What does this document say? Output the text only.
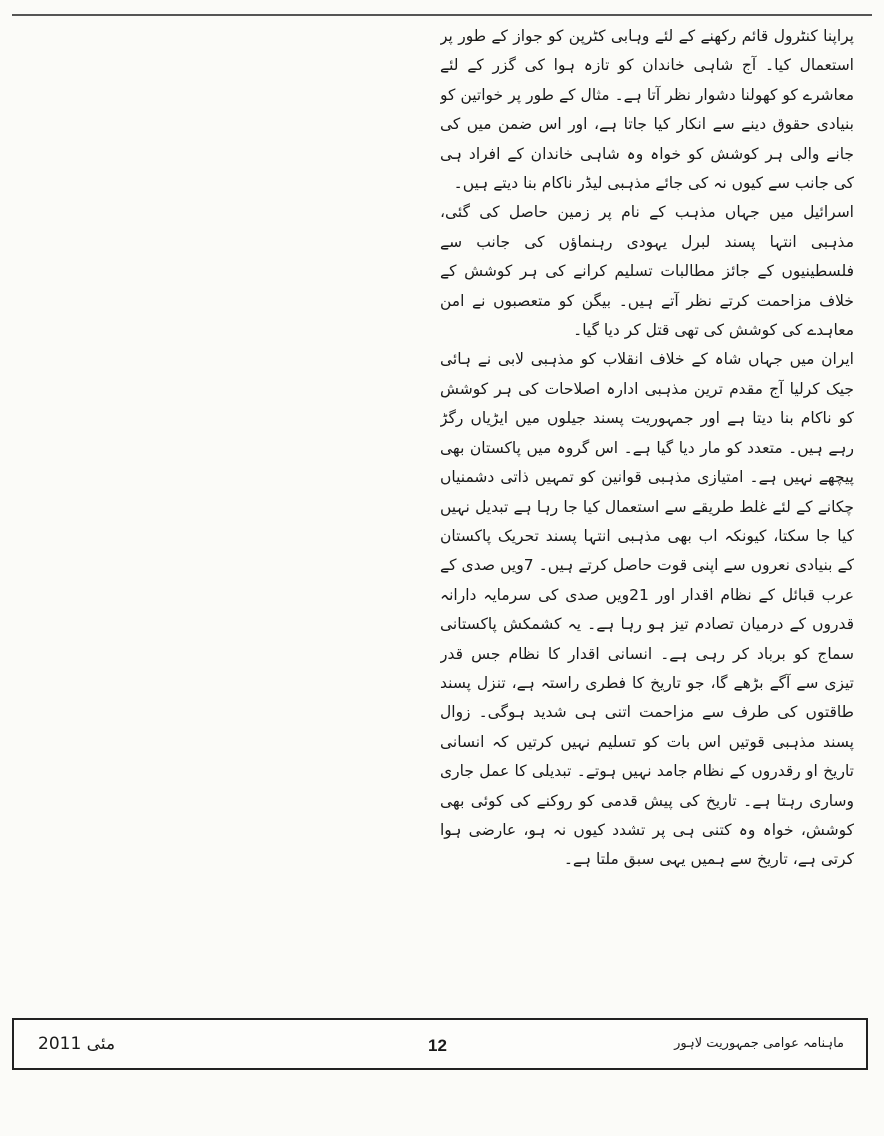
پراپنا کنٹرول قائم رکھنے کے لئے وہابی کٹرپن کو جواز کے طور پر استعمال کیا۔ آج شاہی خاندان کو تازہ ہوا کی گزر کے لئے معاشرے کو کھولنا دشوار نظر آتا ہے۔ مثال کے طور پر خواتین کو بنیادی حقوق دینے سے انکار کیا جاتا ہے، اور اس ضمن میں کی جانے والی ہر کوشش کو خواہ وہ شاہی خاندان کے افراد ہی کی جانب سے کیوں نہ کی جائے مذہبی لیڈر ناکام بنا دیتے ہیں۔

اسرائیل میں جہاں مذہب کے نام پر زمین حاصل کی گئی، مذہبی انتہا پسند لبرل یہودی رہنماؤں کی جانب سے فلسطینیوں کے جائز مطالبات تسلیم کرانے کی ہر کوشش کے خلاف مزاحمت کرتے نظر آتے ہیں۔ بیگن کو متعصبوں نے امن معاہدے کی کوشش کی تھی قتل کر دیا گیا۔

ایران میں جہاں شاہ کے خلاف انقلاب کو مذہبی لابی نے ہائی جیک کرلیا آج مقدم ترین مذہبی ادارہ اصلاحات کی ہر کوشش کو ناکام بنا دیتا ہے اور جمہوریت پسند جیلوں میں ایڑیاں رگڑ رہے ہیں۔ متعدد کو مار دیا گیا ہے۔ اس گروہ میں پاکستان بھی پیچھے نہیں ہے۔ امتیازی مذہبی قوانین کو تمہیں ذاتی دشمنیاں چکانے کے لئے غلط طریقے سے استعمال کیا جا رہا ہے تبدیل نہیں کیا جا سکتا، کیونکہ اب بھی مذہبی انتہا پسند تحریک پاکستان کے بنیادی نعروں سے اپنی قوت حاصل کرتے ہیں۔ 7ویں صدی کے عرب قبائل کے نظام اقدار اور 21ویں صدی کی سرمایہ دارانہ قدروں کے درمیان تصادم تیز ہو رہا ہے۔ یہ کشمکش پاکستانی سماج کو برباد کر رہی ہے۔ انسانی اقدار کا نظام جس قدر تیزی سے آگے بڑھے گا، جو تاریخ کا فطری راستہ ہے، تنزل پسند طاقتوں کی طرف سے مزاحمت اتنی ہی شدید ہوگی۔ زوال پسند مذہبی قوتیں اس بات کو تسلیم نہیں کرتیں کہ انسانی تاریخ او رقدروں کے نظام جامد نہیں ہوتے۔ تبدیلی کا عمل جاری وساری رہتا ہے۔ تاریخ کی پیش قدمی کو روکنے کی کوئی بھی کوشش، خواہ وہ کتنی ہی پر تشدد کیوں نہ ہو، عارضی ہوا کرتی ہے، تاریخ سے ہمیں یہی سبق ملتا ہے۔

مئی 2011	12	ماہنامہ عوامی جمہوریت لاہور
